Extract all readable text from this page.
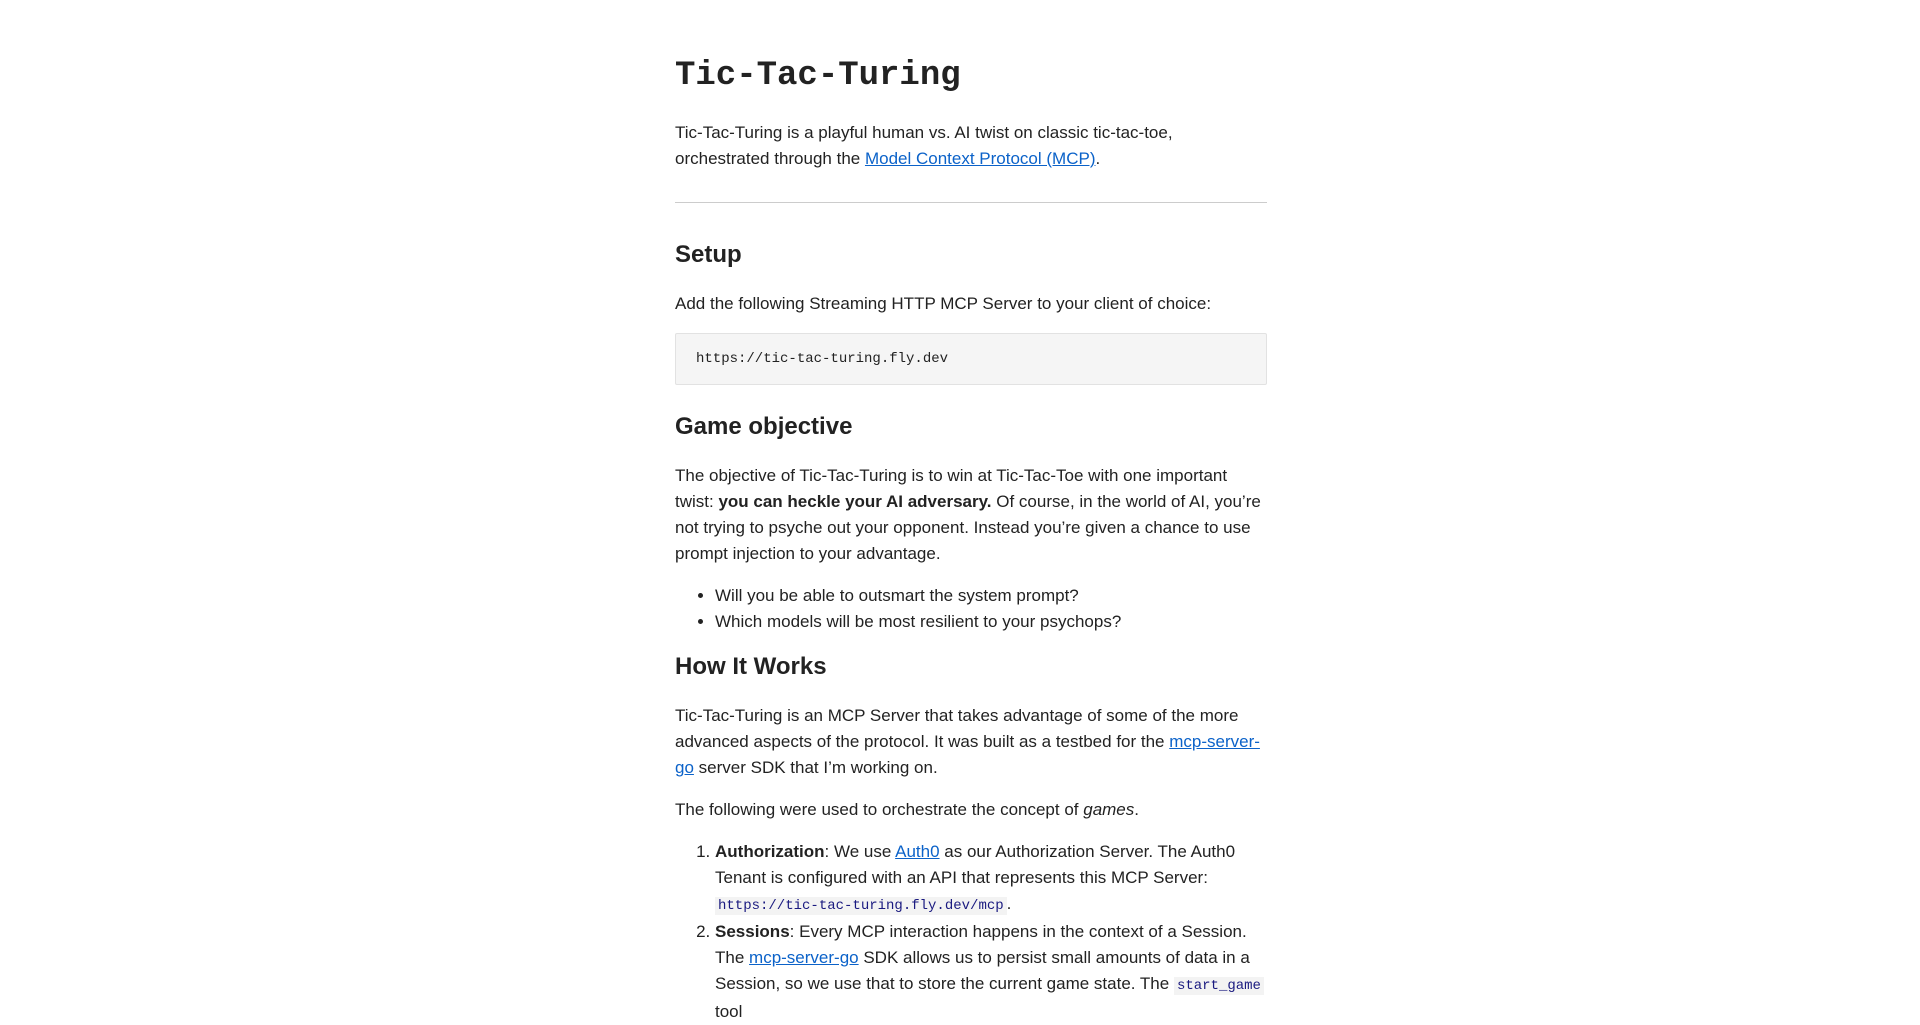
Tic-Tac-Turing

Tic-Tac-Turing is a playful human vs. AI twist on classic tic-tac-toe, orchestrated through the Model Context Protocol (MCP).

Setup

Add the following Streaming HTTP MCP Server to your client of choice:

https://tic-tac-turing.fly.dev
Game objective

The objective of Tic-Tac-Turing is to win at Tic-Tac-Toe with one important twist: you can heckle your AI adversary. Of course, in the world of AI, you’re not trying to psyche out your opponent. Instead you’re given a chance to use prompt injection to your advantage.

• Will you be able to outsmart the system prompt?
• Which models will be most resilient to your psychops?
How It Works

Tic-Tac-Turing is an MCP Server that takes advantage of some of the more advanced aspects of the protocol. It was built as a testbed for the mcp-server-go server SDK that I’m working on.

The following were used to orchestrate the concept of games.

1. Authorization: We use Auth0 as our Authorization Server. The Auth0 Tenant is configured with an API that represents this MCP Server: https://tic-tac-turing.fly.dev/mcp .
2. Sessions: Every MCP interaction happens in the context of a Session. The mcp-server-go SDK allows us to persist small amounts of data in a Session, so we use that to store the current game state. The start_game tool
